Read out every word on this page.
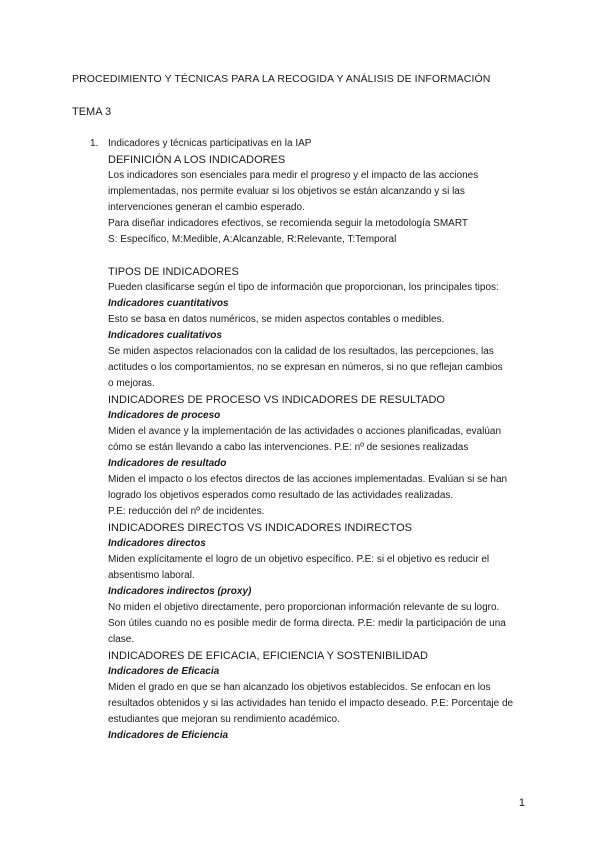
PROCEDIMIENTO Y TÉCNICAS PARA LA RECOGIDA Y ANÁLISIS DE INFORMACIÓN
TEMA 3
1. Indicadores y técnicas participativas en la IAP
DEFINICIÓN A LOS INDICADORES
Los indicadores son esenciales para medir el progreso y el impacto de las acciones
implementadas, nos permite evaluar si los objetivos se están alcanzando y si las
intervenciones generan el cambio esperado.
Para diseñar indicadores efectivos, se recomienda seguir la metodología SMART
S: Específico, M:Medible, A:Alcanzable, R:Relevante, T:Temporal
TIPOS DE INDICADORES
Pueden clasificarse según el tipo de información que proporcionan, los principales tipos:
Indicadores cuantitativos
Esto se basa en datos numéricos, se miden aspectos contables o medibles.
Indicadores cualitativos
Se miden aspectos relacionados con la calidad de los resultados, las percepciones, las
actitudes o los comportamientos, no se expresan en números, si no que reflejan cambios
o mejoras.
INDICADORES DE PROCESO VS INDICADORES DE RESULTADO
Indicadores de proceso
Miden el avance y la implementación de las actividades o acciones planificadas, evalúan
cómo se están llevando a cabo las intervenciones. P.E: nº de sesiones realizadas
Indicadores de resultado
Miden el impacto o los efectos directos de las acciones implementadas. Evalúan si se han
logrado los objetivos esperados como resultado de las actividades realizadas.
P.E: reducción del nº de incidentes.
INDICADORES DIRECTOS VS INDICADORES INDIRECTOS
Indicadores directos
Miden explícitamente el logro de un objetivo específico. P.E: si el objetivo es reducir el
absentismo laboral.
Indicadores indirectos (proxy)
No miden el objetivo directamente, pero proporcionan información relevante de su logro.
Son útiles cuando no es posible medir de forma directa. P.E: medir la participación de una
clase.
INDICADORES DE EFICACIA, EFICIENCIA Y SOSTENIBILIDAD
Indicadores de Eficacia
Miden el grado en que se han alcanzado los objetivos establecidos. Se enfocan en los
resultados obtenidos y si las actividades han tenido el impacto deseado. P.E: Porcentaje de
estudiantes que mejoran su rendimiento académico.
Indicadores de Eficiencia
1
